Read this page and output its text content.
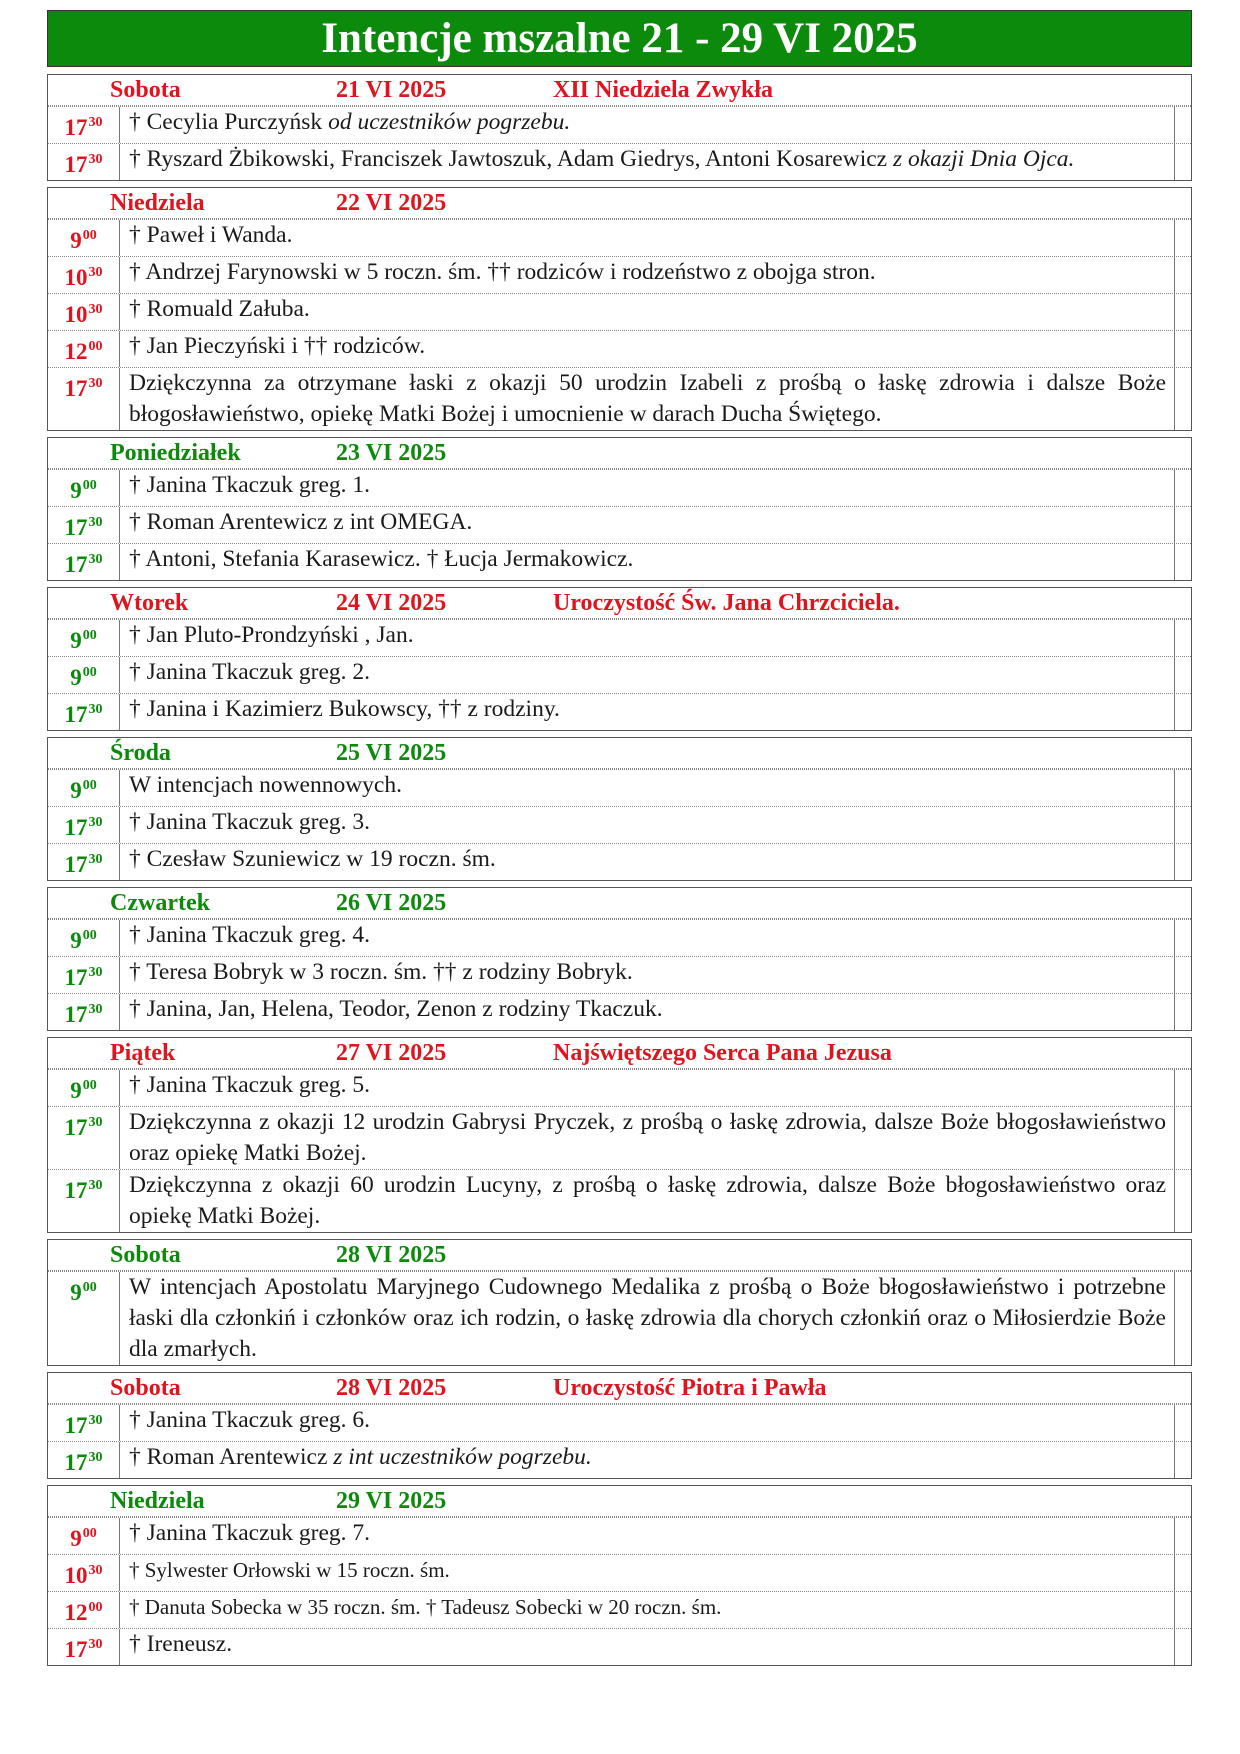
Intencje mszalne 21 - 29 VI 2025
Sobota	21 VI 2025	XII Niedziela Zwykła
$17^{30}$	† Cecylia Purczyńsk od uczestników pogrzebu.
$17^{30}$	† Ryszard Żbikowski, Franciszek Jawtoszuk, Adam Giedrys, Antoni Kosarewicz z okazji Dnia Ojca.
Niedziela	22 VI 2025
$9^{00}$	† Paweł i Wanda.
$10^{30}$	† Andrzej Farynowski w 5 roczn. śm. †† rodziców i rodzeństwo z obojga stron.
$10^{30}$	† Romuald Załuba.
$12^{00}$	† Jan Pieczyński i †† rodziców.
$17^{30}$	Dziękczynna za otrzymane łaski z okazji 50 urodzin Izabeli z prośbą o łaskę zdrowia i dalsze Boże błogosławieństwo, opiekę Matki Bożej i umocnienie w darach Ducha Świętego.
Poniedziałek	23 VI 2025
$9^{00}$	† Janina Tkaczuk greg. 1.
$17^{30}$	† Roman Arentewicz z int OMEGA.
$17^{30}$	† Antoni, Stefania Karasewicz. † Łucja Jermakowicz.
Wtorek	24 VI 2025	Uroczystość Św. Jana Chrzciciela.
$9^{00}$	† Jan Pluto-Prondzyński , Jan.
$9^{00}$	† Janina Tkaczuk greg. 2.
$17^{30}$	† Janina i Kazimierz Bukowscy, †† z rodziny.
Środa	25 VI 2025
$9^{00}$	W intencjach nowennowych.
$17^{30}$	† Janina Tkaczuk greg. 3.
$17^{30}$	† Czesław Szuniewicz w 19 roczn. śm.
Czwartek	26 VI 2025
$9^{00}$	† Janina Tkaczuk greg. 4.
$17^{30}$	† Teresa Bobryk w 3 roczn. śm. †† z rodziny Bobryk.
$17^{30}$	† Janina, Jan, Helena, Teodor, Zenon z rodziny Tkaczuk.
Piątek	27 VI 2025	Najświętszego Serca Pana Jezusa
$9^{00}$	† Janina Tkaczuk greg. 5.
$17^{30}$	Dziękczynna z okazji 12 urodzin Gabrysi Pryczek, z prośbą o łaskę zdrowia, dalsze Boże błogosławieństwo oraz opiekę Matki Bożej.
$17^{30}$	Dziękczynna z okazji 60 urodzin Lucyny, z prośbą o łaskę zdrowia, dalsze Boże błogosławieństwo oraz opiekę Matki Bożej.
Sobota	28 VI 2025
$9^{00}$	W intencjach Apostolatu Maryjnego Cudownego Medalika z prośbą o Boże błogosławieństwo i potrzebne łaski dla członkiń i członków oraz ich rodzin, o łaskę zdrowia dla chorych członkiń oraz o Miłosierdzie Boże dla zmarłych.
Sobota	28 VI 2025	Uroczystość Piotra i Pawła
$17^{30}$	† Janina Tkaczuk greg. 6.
$17^{30}$	† Roman Arentewicz z int uczestników pogrzebu.
Niedziela	29 VI 2025
$9^{00}$	† Janina Tkaczuk greg. 7.
$10^{30}$	† Sylwester Orłowski w 15 roczn. śm.
$12^{00}$	† Danuta Sobecka w 35 roczn. śm. † Tadeusz Sobecki w 20 roczn. śm.
$17^{30}$	† Ireneusz.
